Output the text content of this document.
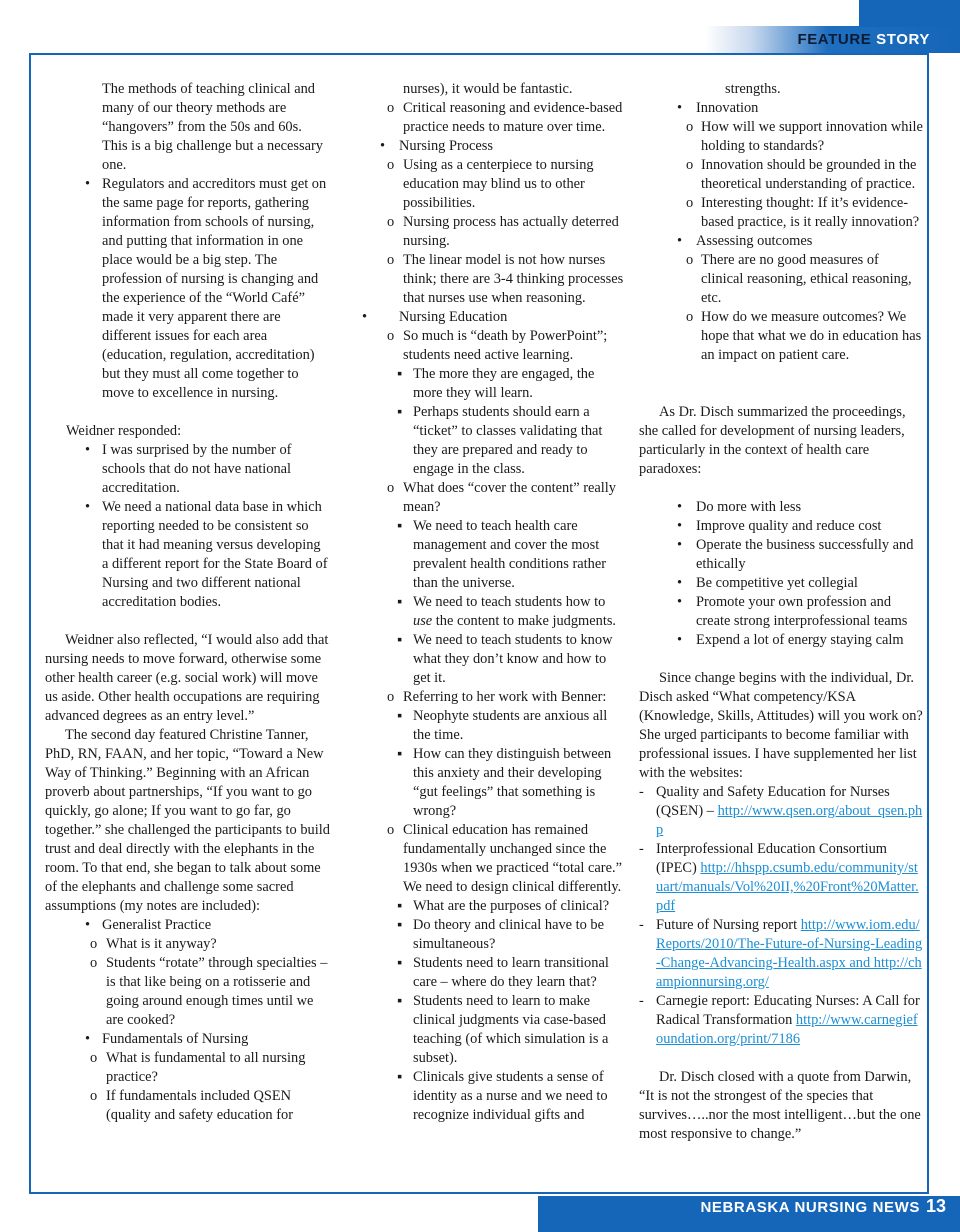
FEATURE STORY
The methods of teaching clinical and many of our theory methods are “hangovers” from the 50s and 60s. This is a big challenge but a necessary one.
• Regulators and accreditors must get on the same page for reports, gathering information from schools of nursing, and putting that information in one place would be a big step. The profession of nursing is changing and the experience of the “World Café” made it very apparent there are different issues for each area (education, regulation, accreditation) but they must all come together to move to excellence in nursing.

Weidner responded:

• I was surprised by the number of schools that do not have national accreditation.
• We need a national data base in which reporting needed to be consistent so that it had meaning versus developing a different report for the State Board of Nursing and two different national accreditation bodies.

Weidner also reflected, “I would also add that nursing needs to move forward, otherwise some other health career (e.g. social work) will move us aside. Other health occupations are requiring advanced degrees as an entry level.”

The second day featured Christine Tanner, PhD, RN, FAAN, and her topic, “Toward a New Way of Thinking.” Beginning with an African proverb about partnerships, “If you want to go quickly, go alone; If you want to go far, go together.” she challenged the participants to build trust and deal directly with the elephants in the room. To that end, she began to talk about some of the elephants and challenge some sacred assumptions (my notes are included):

• Generalist Practice
o What is it anyway?
o Students “rotate” through specialties – is that like being on a rotisserie and going around enough times until we are cooked?
• Fundamentals of Nursing
o What is fundamental to all nursing practice?
o If fundamentals included QSEN (quality and safety education for
nurses), it would be fantastic.
o Critical reasoning and evidence-based practice needs to mature over time.
• Nursing Process
o Using as a centerpiece to nursing education may blind us to other possibilities.
o Nursing process has actually deterred nursing.
o The linear model is not how nurses think; there are 3-4 thinking processes that nurses use when reasoning.
• Nursing Education
o So much is “death by PowerPoint”; students need active learning.
▪ The more they are engaged, the more they will learn.
▪ Perhaps students should earn a “ticket” to classes validating that they are prepared and ready to engage in the class.
o What does “cover the content” really mean?
▪ We need to teach health care management and cover the most prevalent health conditions rather than the universe.
▪ We need to teach students how to use the content to make judgments.
▪ We need to teach students to know what they don’t know and how to get it.
o Referring to her work with Benner:
▪ Neophyte students are anxious all the time.
▪ How can they distinguish between this anxiety and their developing “gut feelings” that something is wrong?
o Clinical education has remained fundamentally unchanged since the 1930s when we practiced “total care.” We need to design clinical differently.
▪ What are the purposes of clinical?
▪ Do theory and clinical have to be simultaneous?
▪ Students need to learn transitional care – where do they learn that?
▪ Students need to learn to make clinical judgments via case-based teaching (of which simulation is a subset).
▪ Clinicals give students a sense of identity as a nurse and we need to recognize individual gifts and
strengths.
• Innovation
o How will we support innovation while holding to standards?
o Innovation should be grounded in the theoretical understanding of practice.
o Interesting thought: If it’s evidence-based practice, is it really innovation?
• Assessing outcomes
o There are no good measures of clinical reasoning, ethical reasoning, etc.
o How do we measure outcomes? We hope that what we do in education has an impact on patient care.

As Dr. Disch summarized the proceedings, she called for development of nursing leaders, particularly in the context of health care paradoxes:

• Do more with less
• Improve quality and reduce cost
• Operate the business successfully and ethically
• Be competitive yet collegial
• Promote your own profession and create strong interprofessional teams
• Expend a lot of energy staying calm

Since change begins with the individual, Dr. Disch asked “What competency/KSA (Knowledge, Skills, Attitudes) will you work on? She urged participants to become familiar with professional issues. I have supplemented her list with the websites:

- Quality and Safety Education for Nurses (QSEN) – http://www.qsen.org/about_qsen.php
- Interprofessional Education Consortium (IPEC) http://hhspp.csumb.edu/community/stuart/manuals/Vol%20II,%20Front%20Matter.pdf
- Future of Nursing report http://www.iom.edu/Reports/2010/The-Future-of-Nursing-Leading-Change-Advancing-Health.aspx and http://championnursing.org/
- Carnegie report: Educating Nurses: A Call for Radical Transformation http://www.carnegiefoundation.org/print/7186

Dr. Disch closed with a quote from Darwin, “It is not the strongest of the species that survives…..nor the most intelligent…but the one most responsive to change.”

NEBRASKA NURSING NEWS 13
